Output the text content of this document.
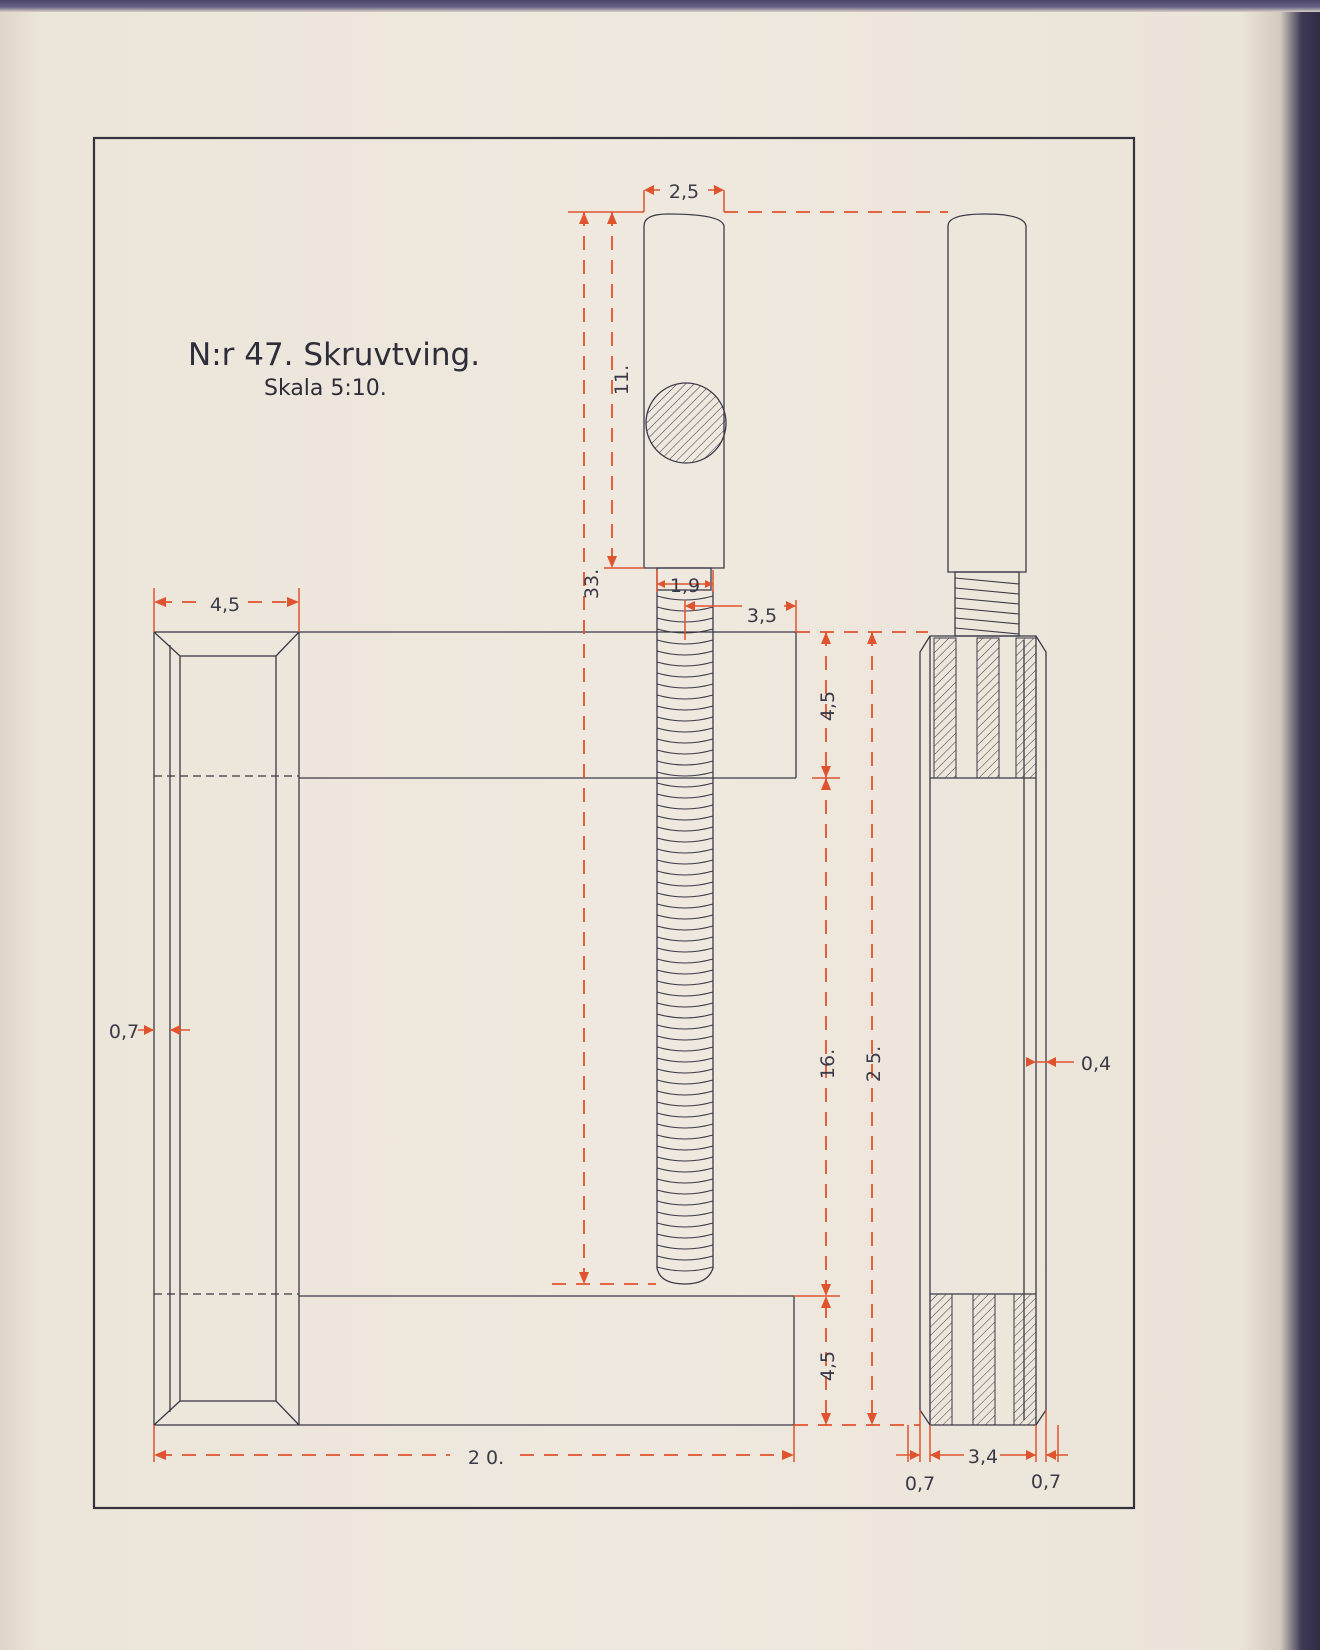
N:r 47. Skruvtving.
Skala 5:10.
2,5
11.
33.	1,9
3,5
4,5
0,7
2 0.
4,5
16.
4,5
2 5.	0,4
3,4
0,7	0,7
